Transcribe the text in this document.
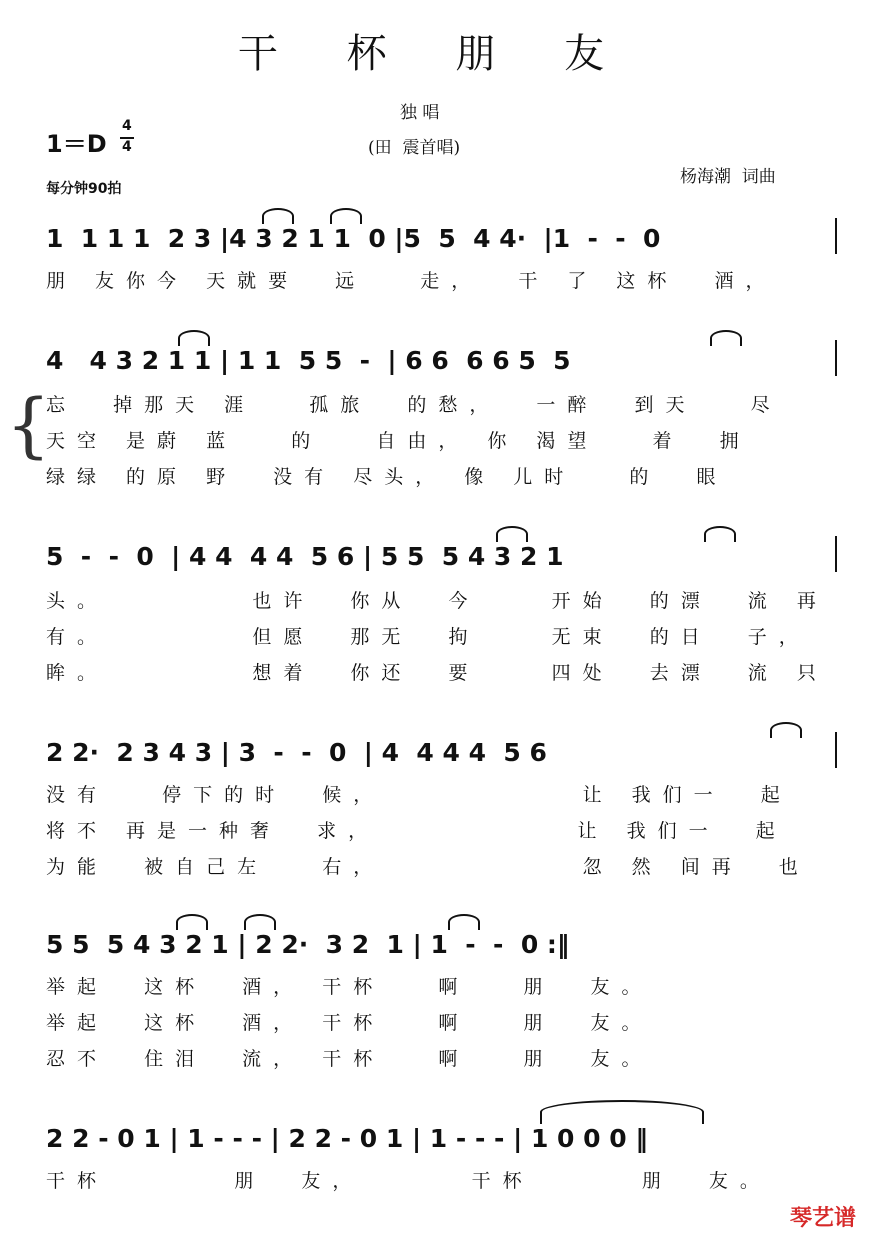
干 杯 朋 友
独 唱
(田  震首唱)
1＝D
4
4
每分钟90拍
杨海潮  词曲
1  1 1 1  2 3 |4 3 2 1 1  0 |5  5  4 4·  |1  -  -  0
朋 友你今 天就要  远   走，  干 了 这杯  酒，
4   4 3 2 1 1 | 1 1  5 5  -  | 6 6  6 6 5  5
{
忘  掉那天 涯   孤旅  的愁，  一醉  到天   尽
天空 是蔚 蓝   的   自由， 你 渴望   着  拥
绿绿 的原 野  没有 尽头， 像 儿时   的  眼
5  -  -  0  | 4 4  4 4  5 6 | 5 5  5 4 3 2 1
头。        也许  你从  今    开始  的漂  流 再
有。        但愿  那无  拘    无束  的日  子，
眸。        想着  你还  要    四处  去漂  流 只
2 2·  2 3 4 3 | 3  -  -  0  | 4  4 4 4  5 6
没有   停下的时  候，           让 我们一  起
将不 再是一种奢  求，           让 我们一  起
为能  被自己左   右，           忽 然 间再  也
5 5  5 4 3 2 1 | 2 2·  3 2  1 | 1  -  -  0 :‖
举起  这杯  酒， 干杯   啊   朋  友。
举起  这杯  酒， 干杯   啊   朋  友。
忍不  住泪  流， 干杯   啊   朋  友。
2 2 - 0 1 | 1 - - - | 2 2 - 0 1 | 1 - - - | 1 0 0 0 ‖
干杯       朋  友，      干杯      朋  友。
琴艺谱
